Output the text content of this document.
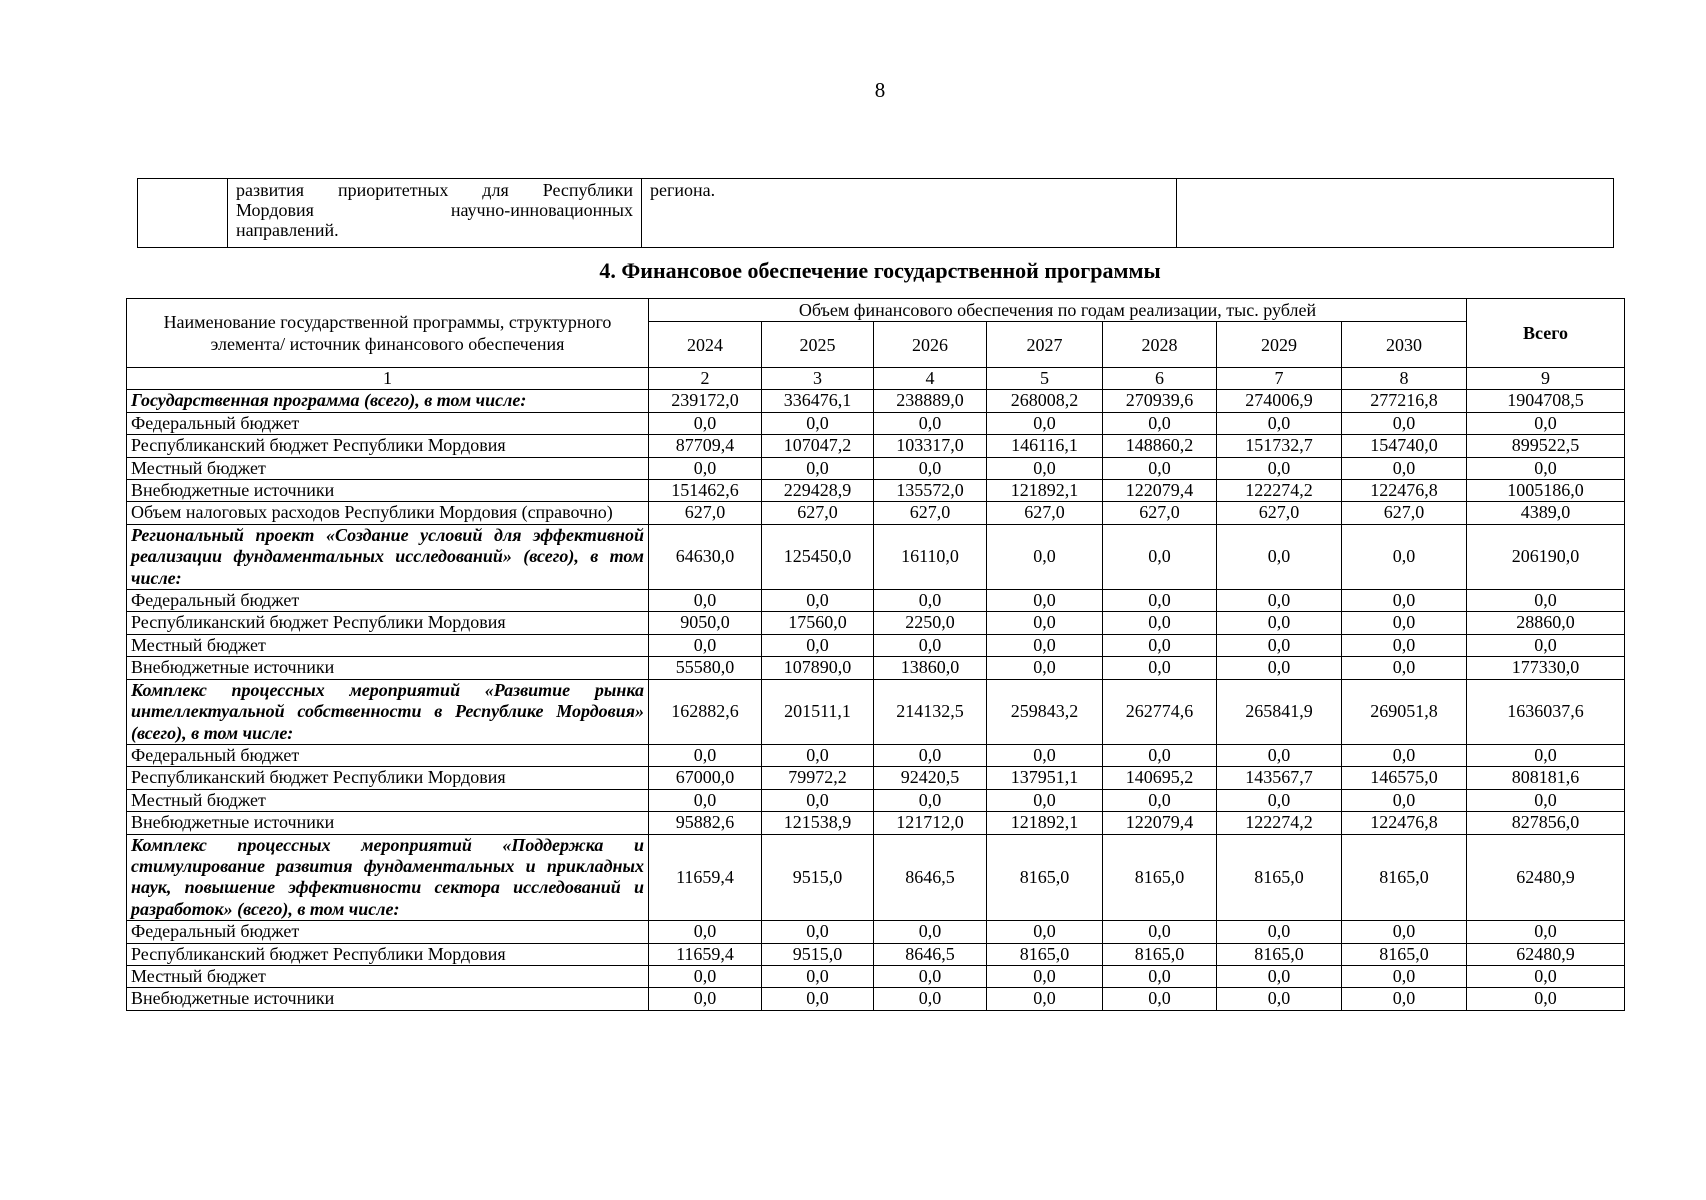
8

развития приоритетных для Республики
Мордовия научно-инновационных
направлений.
	региона.	
4. Финансовое обеспечение государственной программы
Наименование государственной программы, структурного элемента/ источник финансового обеспечения	Объем финансового обеспечения по годам реализации, тыс. рублей							Всего
	2024	2025	2026	2027	2028	2029	2030	
1	2	3	4	5	6	7	8	9
Государственная программа (всего), в том числе:	239172,0	336476,1	238889,0	268008,2	270939,6	274006,9	277216,8	1904708,5
Федеральный бюджет	0,0	0,0	0,0	0,0	0,0	0,0	0,0	0,0
Республиканский бюджет Республики Мордовия	87709,4	107047,2	103317,0	146116,1	148860,2	151732,7	154740,0	899522,5
Местный бюджет	0,0	0,0	0,0	0,0	0,0	0,0	0,0	0,0
Внебюджетные источники	151462,6	229428,9	135572,0	121892,1	122079,4	122274,2	122476,8	1005186,0
Объем налоговых расходов Республики Мордовия (справочно)	627,0	627,0	627,0	627,0	627,0	627,0	627,0	4389,0
Региональный проект «Создание условий для эффективной реализации фундаментальных исследований» (всего), в том числе:	64630,0	125450,0	16110,0	0,0	0,0	0,0	0,0	206190,0
Федеральный бюджет	0,0	0,0	0,0	0,0	0,0	0,0	0,0	0,0
Республиканский бюджет Республики Мордовия	9050,0	17560,0	2250,0	0,0	0,0	0,0	0,0	28860,0
Местный бюджет	0,0	0,0	0,0	0,0	0,0	0,0	0,0	0,0
Внебюджетные источники	55580,0	107890,0	13860,0	0,0	0,0	0,0	0,0	177330,0
Комплекс процессных мероприятий «Развитие рынка интеллектуальной собственности в Республике Мордовия» (всего), в том числе:	162882,6	201511,1	214132,5	259843,2	262774,6	265841,9	269051,8	1636037,6
Федеральный бюджет	0,0	0,0	0,0	0,0	0,0	0,0	0,0	0,0
Республиканский бюджет Республики Мордовия	67000,0	79972,2	92420,5	137951,1	140695,2	143567,7	146575,0	808181,6
Местный бюджет	0,0	0,0	0,0	0,0	0,0	0,0	0,0	0,0
Внебюджетные источники	95882,6	121538,9	121712,0	121892,1	122079,4	122274,2	122476,8	827856,0
Комплекс процессных мероприятий «Поддержка и стимулирование развития фундаментальных и прикладных наук, повышение эффективности сектора исследований и разработок» (всего), в том числе:	11659,4	9515,0	8646,5	8165,0	8165,0	8165,0	8165,0	62480,9
Федеральный бюджет	0,0	0,0	0,0	0,0	0,0	0,0	0,0	0,0
Республиканский бюджет Республики Мордовия	11659,4	9515,0	8646,5	8165,0	8165,0	8165,0	8165,0	62480,9
Местный бюджет	0,0	0,0	0,0	0,0	0,0	0,0	0,0	0,0
Внебюджетные источники	0,0	0,0	0,0	0,0	0,0	0,0	0,0	0,0
